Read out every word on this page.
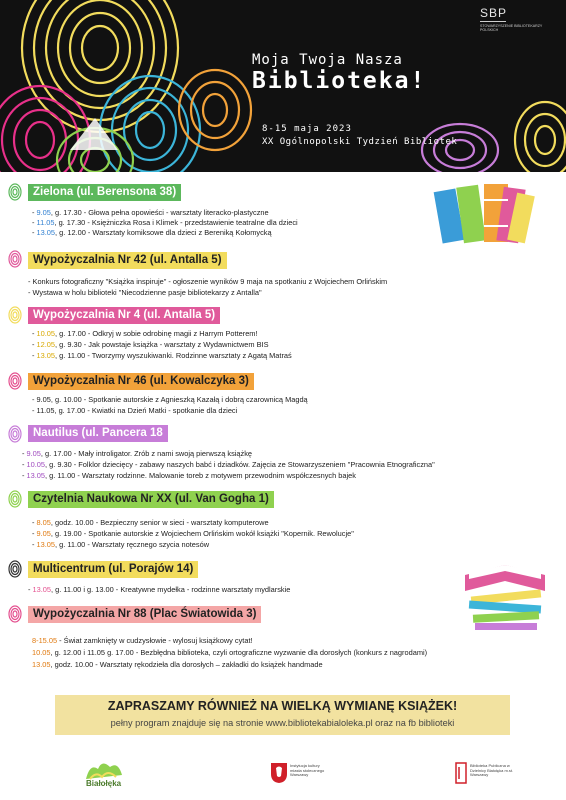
SBP
STOWARZYSZENIE BIBLIOTEKARZY POLSKICH
Moja Twoja Nasza
Biblioteka!
8-15 maja 2023
XX Ogólnopolski Tydzień Bibliotek
Zielona (ul. Berensona 38)
- 9.05, g. 17.30 - Głowa pełna opowieści - warsztaty literacko-plastyczne
- 11.05, g. 17.30 - Księżniczka Rosa i Klimek - przedstawienie teatralne dla dzieci
- 13.05, g. 12.00 - Warsztaty komiksowe dla dzieci z Bereniką Kołomycką
Wypożyczalnia Nr 42 (ul. Antalla 5)
- Konkurs fotograficzny "Książka inspiruje" - ogłoszenie wyników 9 maja na spotkaniu z Wojciechem Orlińskim
- Wystawa w holu biblioteki "Niecodzienne pasje bibliotekarzy z Antalla"
Wypożyczalnia Nr 4 (ul. Antalla 5)
- 10.05, g. 17.00 - Odkryj w sobie odrobinę magii z Harrym Potterem!
- 12.05, g. 9.30 - Jak powstaje książka - warsztaty z Wydawnictwem BIS
- 13.05, g. 11.00 - Tworzymy wyszukiwanki. Rodzinne warsztaty z Agatą Matraś
Wypożyczalnia Nr 46 (ul. Kowalczyka 3)
- 9.05, g. 10.00 - Spotkanie autorskie z Agnieszką Kazałą i dobrą czarownicą Magdą
- 11.05, g. 17.00 - Kwiatki na Dzień Matki - spotkanie dla dzieci
Nautilus (ul. Pancera 18
- 9.05, g. 17.00 - Mały introligator. Zrób z nami swoją pierwszą książkę
- 10.05, g. 9.30 - Folklor dziecięcy - zabawy naszych babć i dziadków. Zajęcia ze Stowarzyszeniem "Pracownia Etnograficzna"
- 13.05, g. 11.00 - Warsztaty rodzinne. Malowanie toreb z motywem przewodnim współczesnych bajek
Czytelnia Naukowa Nr XX (ul. Van Gogha 1)
- 8.05, godz. 10.00 - Bezpieczny senior w sieci - warsztaty komputerowe
- 9.05, g. 19.00 - Spotkanie autorskie z Wojciechem Orlińskim wokół książki "Kopernik. Rewolucje"
- 13.05, g. 11.00 - Warsztaty ręcznego szycia notesów
Multicentrum (ul. Porajów 14)
- 13.05, g. 11.00 i g. 13.00 - Kreatywne mydełka - rodzinne warsztaty mydlarskie
Wypożyczalnia Nr 88 (Plac Światowida 3)
8-15.05 - Świat zamknięty w cudzysłowie - wylosuj książkowy cytat!
10.05, g. 12.00 i 11.05 g. 17.00 - Bezbłędna biblioteka, czyli ortograficzne wyzwanie dla dorosłych (konkurs z nagrodami)
13.05, godz. 10.00 - Warsztaty rękodzieła dla dorosłych – zakładki do książek handmade
ZAPRASZAMY RÓWNIEŻ NA WIELKĄ WYMIANĘ KSIĄŻEK!
pełny program znajduje się na stronie www.bibliotekabialoleka.pl oraz na fb biblioteki
Białołęka
Instytucja kultury miasta stołecznego Warszawy
Biblioteka Publiczna w Dzielnicy Białołęka m.st. Warszawy
